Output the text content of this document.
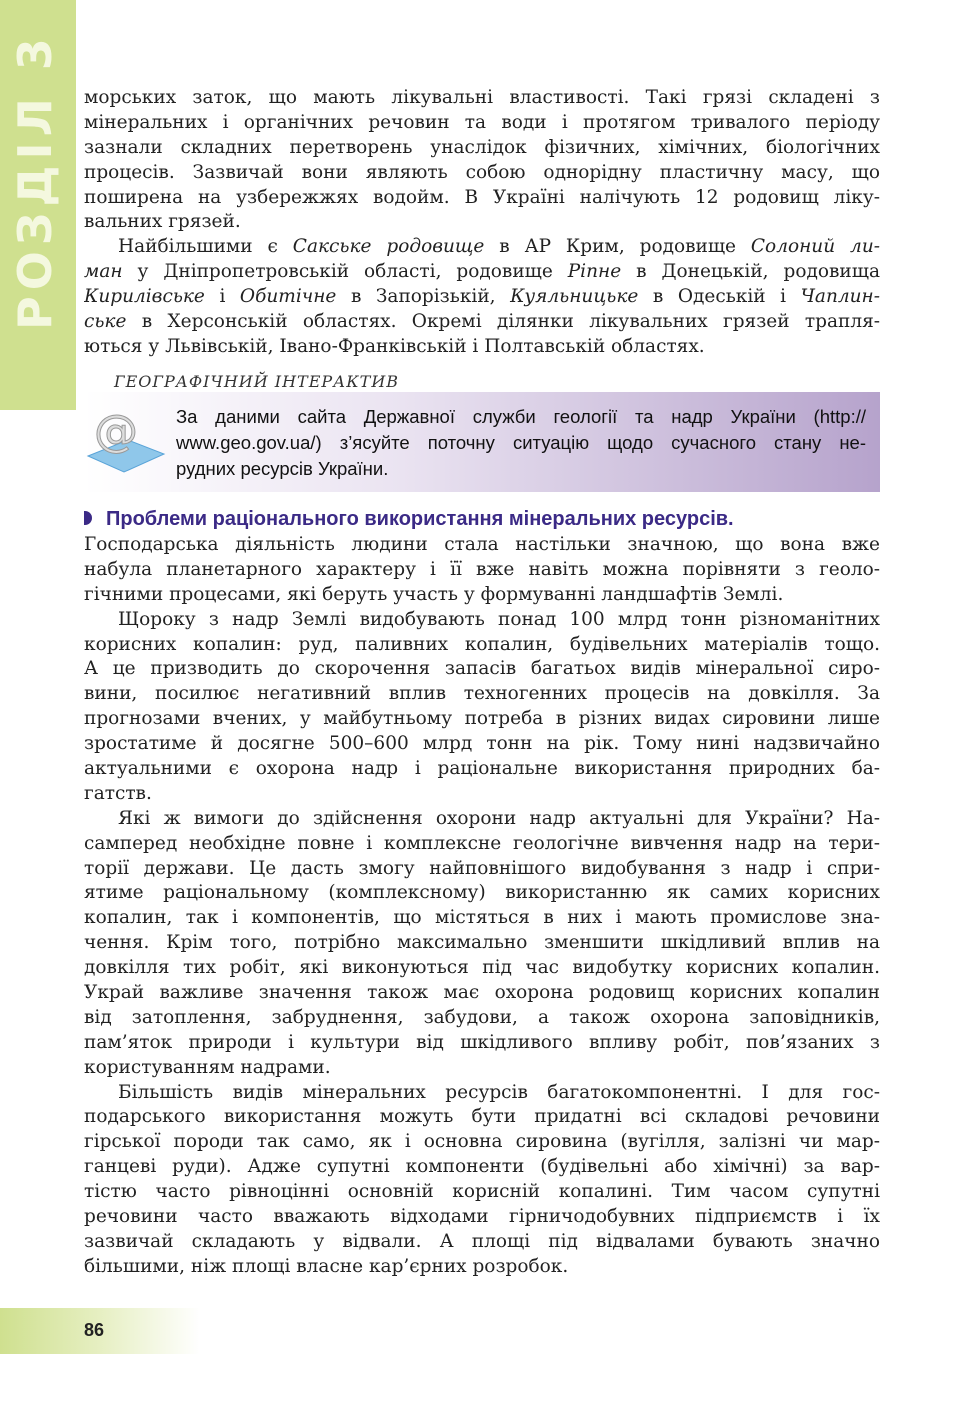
РОЗДІЛ 3 морських заток, що мають лікувальні властивості. Такі грязі складені з
мінеральних і органічних речовин та води і протягом тривалого періоду
зазнали складних перетворень унаслідок фізичних, хімічних, біологічних
процесів. Зазвичай вони являють собою однорідну пластичну масу, що
поширена на узбережжях водойм. В Україні налічують 12 родовищ ліку-
вальних грязей.
Найбільшими є Сакське родовище в АР Крим, родовище Солоний ли-
ман у Дніпропетровській області, родовище Рiпне в Донецькій, родовища
Кирилівське і Обитічне в Запорізькій, Куяльницьке в Одеській і Чаплин-
ське в Херсонській областях. Окремі ділянки лікувальних грязей трапля-
ються у Львівській, Івано-Франківській і Полтавській областях.
ГЕОГРАФІЧНИЙ ІНТЕРАКТИВ
@ За даними сайта Державної служби геології та надр України (http://
www.geo.gov.ua/) з’ясуйте поточну ситуацію щодо сучасного стану не-
рудних ресурсів України.
Проблеми раціонального використання мінеральних ресурсів.
Господарська діяльність людини стала настільки значною, що вона вже
набула планетарного характеру і її вже навіть можна порівняти з геоло-
гічними процесами, які беруть участь у формуванні ландшафтів Землі.
Щороку з надр Землі видобувають понад 100 млрд тонн різноманітних
корисних копалин: руд, паливних копалин, будівельних матеріалів тощо.
А це призводить до скорочення запасів багатьох видів мінеральної сиро-
вини, посилює негативний вплив техногенних процесів на довкілля. За
прогнозами вчених, у майбутньому потреба в різних видах сировини лише
зростатиме й досягне 500–600 млрд тонн на рік. Тому нині надзвичайно
актуальними є охорона надр і раціональне використання природних ба-
гатств.
Які ж вимоги до здійснення охорони надр актуальні для України? На-
самперед необхідне повне і комплексне геологічне вивчення надр на тери-
торії держави. Це дасть змогу найповнішого видобування з надр і спри-
ятиме раціональному (комплексному) використанню як самих корисних
копалин, так і компонентів, що містяться в них і мають промислове зна-
чення. Крім того, потрібно максимально зменшити шкідливий вплив на
довкілля тих робіт, які виконуються під час видобутку корисних копалин.
Украй важливе значення також має охорона родовищ корисних копалин
від затоплення, забруднення, забудови, а також охорона заповідників,
пам’яток природи і культури від шкідливого впливу робіт, пов’язаних з
користуванням надрами.
Більшість видів мінеральних ресурсів багатокомпонентні. І для гос-
подарського використання можуть бути придатні всі складові речовини
гірської породи так само, як і основна сировина (вугілля, залізні чи мар-
ганцеві руди). Адже супутні компоненти (будівельні або хімічні) за вар-
тістю часто рівноцінні основній корисній копалині. Тим часом супутні
речовини часто вважають відходами гірничодобувних підприємств і їх
зазвичай складають у відвали. А площі під відвалами бувають значно
більшими, ніж площі власне кар’єрних розробок.
86
